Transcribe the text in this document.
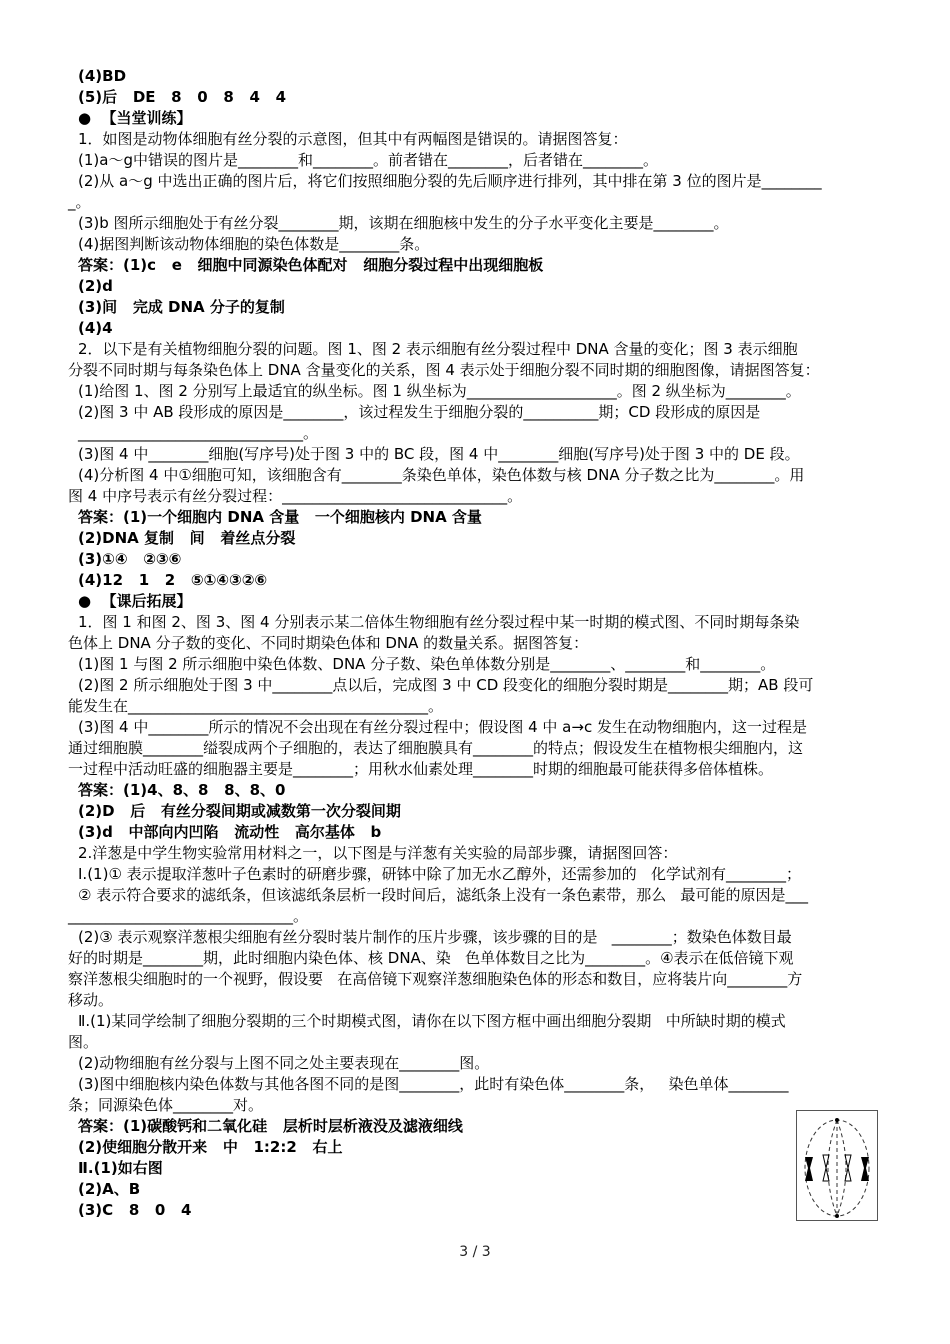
(4)BD
(5)后   DE   8   0   8   4   4
●  【当堂训练】
1．如图是动物体细胞有丝分裂的示意图，但其中有两幅图是错误的。请据图答复：
(1)a～g中错误的图片是________和________。前者错在________，后者错在________。
(2)从 a～g 中选出正确的图片后，将它们按照细胞分裂的先后顺序进行排列，其中排在第 3 位的图片是________
_。
(3)b 图所示细胞处于有丝分裂________期，该期在细胞核中发生的分子水平变化主要是________。
(4)据图判断该动物体细胞的染色体数是________条。
答案：(1)c   e   细胞中同源染色体配对   细胞分裂过程中出现细胞板
(2)d
(3)间   完成 DNA 分子的复制
(4)4
2．以下是有关植物细胞分裂的问题。图 1、图 2 表示细胞有丝分裂过程中 DNA 含量的变化；图 3 表示细胞
分裂不同时期与每条染色体上 DNA 含量变化的关系，图 4 表示处于细胞分裂不同时期的细胞图像，请据图答复：
(1)给图 1、图 2 分别写上最适宜的纵坐标。图 1 纵坐标为____________________。图 2 纵坐标为________。
(2)图 3 中 AB 段形成的原因是________，该过程发生于细胞分裂的__________期；CD 段形成的原因是
______________________________。
(3)图 4 中________细胞(写序号)处于图 3 中的 BC 段，图 4 中________细胞(写序号)处于图 3 中的 DE 段。
(4)分析图 4 中①细胞可知，该细胞含有________条染色单体，染色体数与核 DNA 分子数之比为________。用
图 4 中序号表示有丝分裂过程：______________________________。
答案：(1)一个细胞内 DNA 含量   一个细胞核内 DNA 含量
(2)DNA 复制   间   着丝点分裂
(3)①④   ②③⑥
(4)12   1   2   ⑤①④③②⑥
●  【课后拓展】
1．图 1 和图 2、图 3、图 4 分别表示某二倍体生物细胞有丝分裂过程中某一时期的模式图、不同时期每条染
色体上 DNA 分子数的变化、不同时期染色体和 DNA 的数量关系。据图答复：
(1)图 1 与图 2 所示细胞中染色体数、DNA 分子数、染色单体数分别是________、________和________。
(2)图 2 所示细胞处于图 3 中________点以后，完成图 3 中 CD 段变化的细胞分裂时期是________期；AB 段可
能发生在________________________________________。
(3)图 4 中________所示的情况不会出现在有丝分裂过程中；假设图 4 中 a→c 发生在动物细胞内，这一过程是
通过细胞膜________缢裂成两个子细胞的，表达了细胞膜具有________的特点；假设发生在植物根尖细胞内，这
一过程中活动旺盛的细胞器主要是________；用秋水仙素处理________时期的细胞最可能获得多倍体植株。
答案：(1)4、8、8   8、8、0
(2)D   后   有丝分裂间期或减数第一次分裂间期
(3)d   中部向内凹陷   流动性   高尔基体   b
2.洋葱是中学生物实验常用材料之一，以下图是与洋葱有关实验的局部步骤，请据图回答：
Ⅰ.(1)① 表示提取洋葱叶子色素时的研磨步骤，研钵中除了加无水乙醇外，还需参加的   化学试剂有________；
② 表示符合要求的滤纸条，但该滤纸条层析一段时间后，滤纸条上没有一条色素带，那么   最可能的原因是___
______________________________。
(2)③ 表示观察洋葱根尖细胞有丝分裂时装片制作的压片步骤，该步骤的目的是   ________；数染色体数目最
好的时期是________期，此时细胞内染色体、核 DNA、染   色单体数目之比为________。④表示在低倍镜下观
察洋葱根尖细胞时的一个视野，假设要   在高倍镜下观察洋葱细胞染色体的形态和数目，应将装片向________方
移动。
Ⅱ.(1)某同学绘制了细胞分裂期的三个时期模式图，请你在以下图方框中画出细胞分裂期   中所缺时期的模式
图。
(2)动物细胞有丝分裂与上图不同之处主要表现在________图。
(3)图中细胞核内染色体数与其他各图不同的是图________，此时有染色体________条，   染色单体________
条；同源染色体________对。
答案：(1)碳酸钙和二氧化硅   层析时层析液没及滤液细线
(2)使细胞分散开来   中   1:2:2   右上
Ⅱ.(1)如右图
(2)A、B
(3)C   8   0   4
3 / 3
